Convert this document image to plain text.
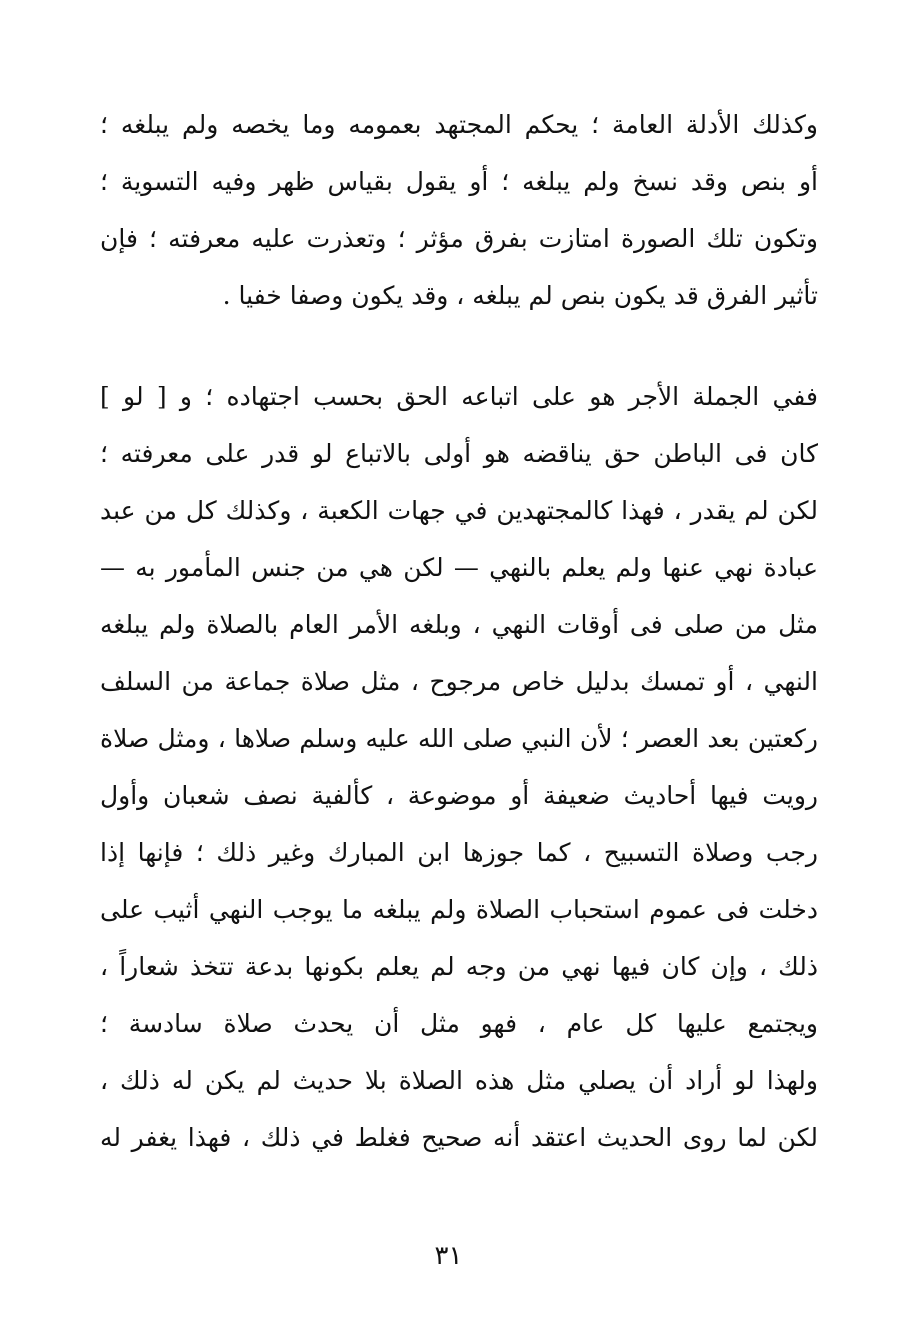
وكذلك الأدلة العامة ؛ يحكم المجتهد بعمومه وما يخصه ولم يبلغه ؛
أو بنص وقد نسخ ولم يبلغه ؛ أو يقول بقياس ظهر وفيه التسوية ؛
وتكون تلك الصورة امتازت بفرق مؤثر ؛ وتعذرت عليه معرفته ؛ فإن
تأثير الفرق قد يكون بنص لم يبلغه ، وقد يكون وصفا خفيا .
ففي الجملة الأجر هو على اتباعه الحق بحسب اجتهاده ؛ و [ لو ]
كان فى الباطن حق يناقضه هو أولى بالاتباع لو قدر على معرفته ؛
لكن لم يقدر ، فهذا كالمجتهدين في جهات الكعبة ، وكذلك كل من عبد
عبادة نهي عنها ولم يعلم بالنهي — لكن هي من جنس المأمور به —
مثل من صلى فى أوقات النهي ، وبلغه الأمر العام بالصلاة ولم يبلغه
النهي ، أو تمسك بدليل خاص مرجوح ، مثل صلاة جماعة من السلف
ركعتين بعد العصر ؛ لأن النبي صلى الله عليه وسلم صلاها ، ومثل صلاة
رويت فيها أحاديث ضعيفة أو موضوعة ، كألفية نصف شعبان وأول
رجب وصلاة التسبيح ، كما جوزها ابن المبارك وغير ذلك ؛ فإنها إذا
دخلت فى عموم استحباب الصلاة ولم يبلغه ما يوجب النهي أثيب على
ذلك ، وإن كان فيها نهي من وجه لم يعلم بكونها بدعة تتخذ شعاراً ،
ويجتمع عليها كل عام ، فهو مثل أن يحدث صلاة سادسة ؛
ولهذا لو أراد أن يصلي مثل هذه الصلاة بلا حديث لم يكن له ذلك ،
لكن لما روى الحديث اعتقد أنه صحيح فغلط في ذلك ، فهذا يغفر له
٣١
